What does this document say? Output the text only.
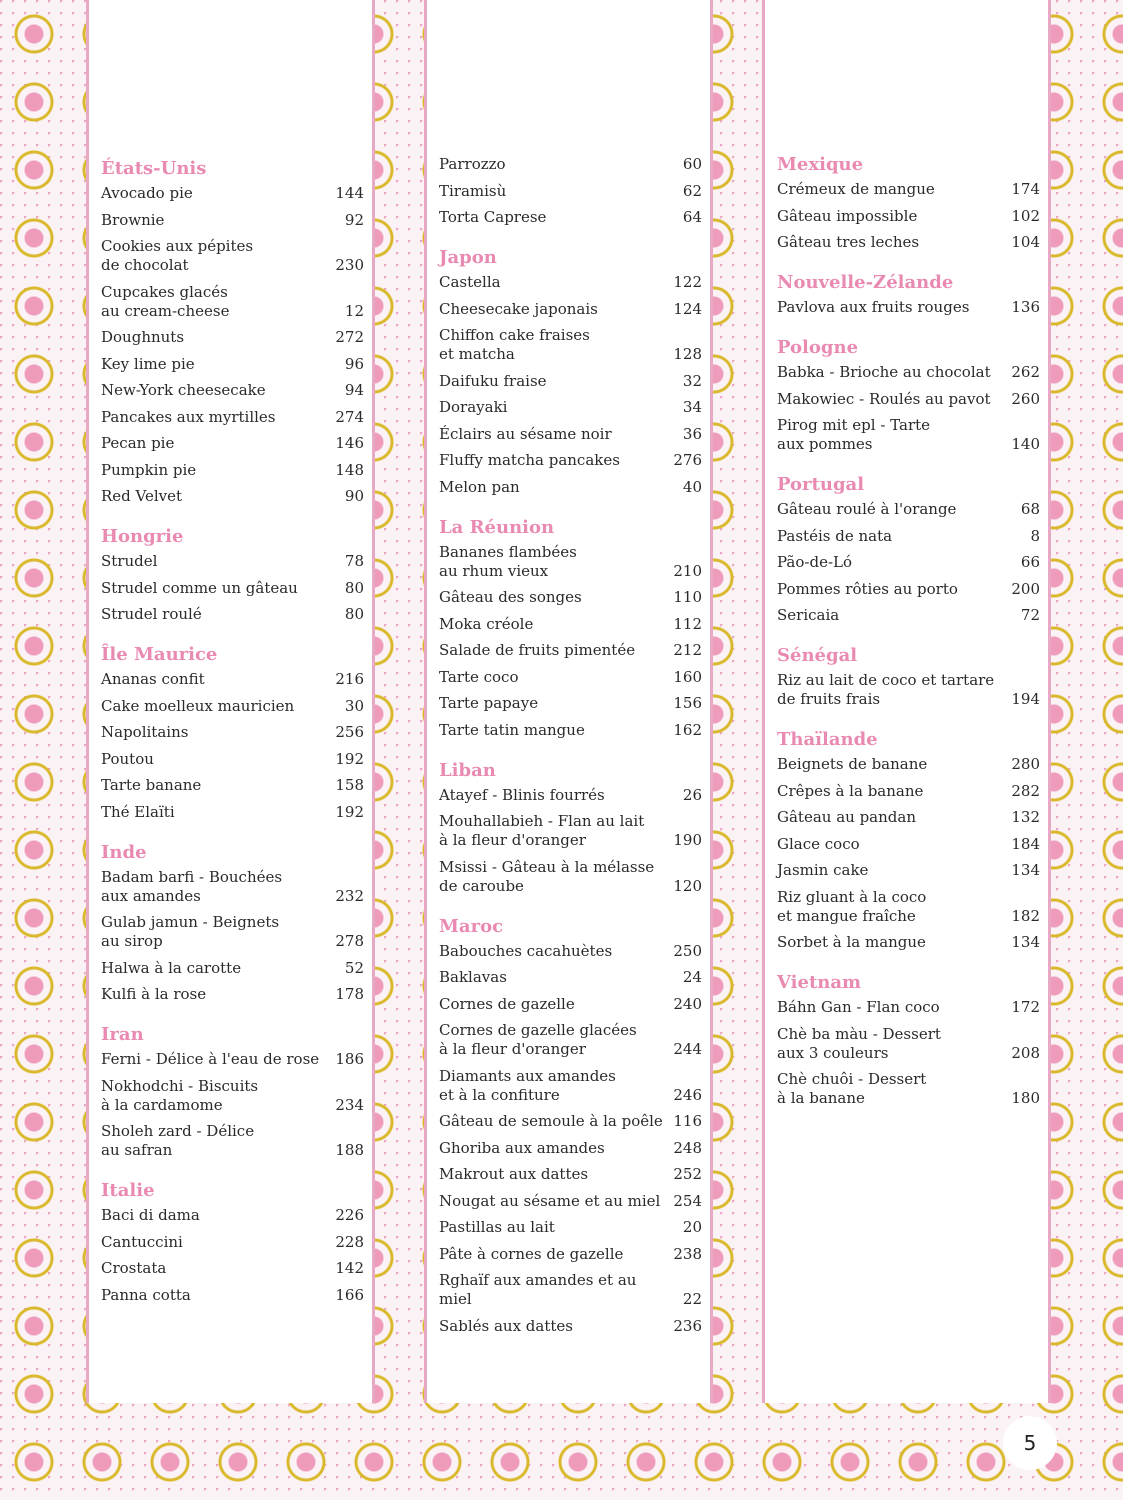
États-Unis
Avocado pie	144
Brownie	92
Cookies aux pépites
de chocolat	230
Cupcakes glacés
au cream-cheese	12
Doughnuts	272
Key lime pie	96
New-York cheesecake	94
Pancakes aux myrtilles	274
Pecan pie	146
Pumpkin pie	148
Red Velvet	90
Hongrie
Strudel	78
Strudel comme un gâteau	80
Strudel roulé	80
Île Maurice
Ananas confit	216
Cake moelleux mauricien	30
Napolitains	256
Poutou	192
Tarte banane	158
Thé Elaïti	192
Inde
Badam barfi - Bouchées
aux amandes	232
Gulab jamun - Beignets
au sirop	278
Halwa à la carotte	52
Kulfi à la rose	178
Iran
Ferni - Délice à l'eau de rose 186
Nokhodchi - Biscuits
à la cardamome	234
Sholeh zard - Délice
au safran	188
Italie
Baci di dama	226
Cantuccini	228
Crostata	142
Panna cotta	166
Parrozzo	60
Tiramisù	62
Torta Caprese	64
Japon
Castella	122
Cheesecake japonais	124
Chiffon cake fraises
et matcha	128
Daifuku fraise	32
Dorayaki	34
Éclairs au sésame noir	36
Fluffy matcha pancakes	276
Melon pan	40
La Réunion
Bananes flambées
au rhum vieux	210
Gâteau des songes	110
Moka créole	112
Salade de fruits pimentée	212
Tarte coco	160
Tarte papaye	156
Tarte tatin mangue	162
Liban
Atayef - Blinis fourrés	26
Mouhallabieh - Flan au lait
à la fleur d'oranger	190
Msissi - Gâteau à la mélasse
de caroube	120
Maroc
Babouches cacahuètes	250
Baklavas	24
Cornes de gazelle	240
Cornes de gazelle glacées
à la fleur d'oranger	244
Diamants aux amandes
et à la confiture	246
Gâteau de semoule à la poêle 116
Ghoriba aux amandes	248
Makrout aux dattes	252
Nougat au sésame et au miel 254
Pastillas au lait	20
Pâte à cornes de gazelle	238
Rghaïf aux amandes et au miel	22
Sablés aux dattes	236
Mexique
Crémeux de mangue	174
Gâteau impossible	102
Gâteau tres leches	104
Nouvelle-Zélande
Pavlova aux fruits rouges	136
Pologne
Babka - Brioche au chocolat 262
Makowiec - Roulés au pavot 260
Pirog mit epl - Tarte
aux pommes	140
Portugal
Gâteau roulé à l'orange	68
Pastéis de nata	8
Pão-de-Ló	66
Pommes rôties au porto	200
Sericaia	72
Sénégal
Riz au lait de coco et tartare
de fruits frais	194
Thaïlande
Beignets de banane	280
Crêpes à la banane	282
Gâteau au pandan	132
Glace coco	184
Jasmin cake	134
Riz gluant à la coco
et mangue fraîche	182
Sorbet à la mangue	134
Vietnam
Báhn Gan - Flan coco	172
Chè ba màu - Dessert
aux 3 couleurs	208
Chè chuôi - Dessert
à la banane	180
5
